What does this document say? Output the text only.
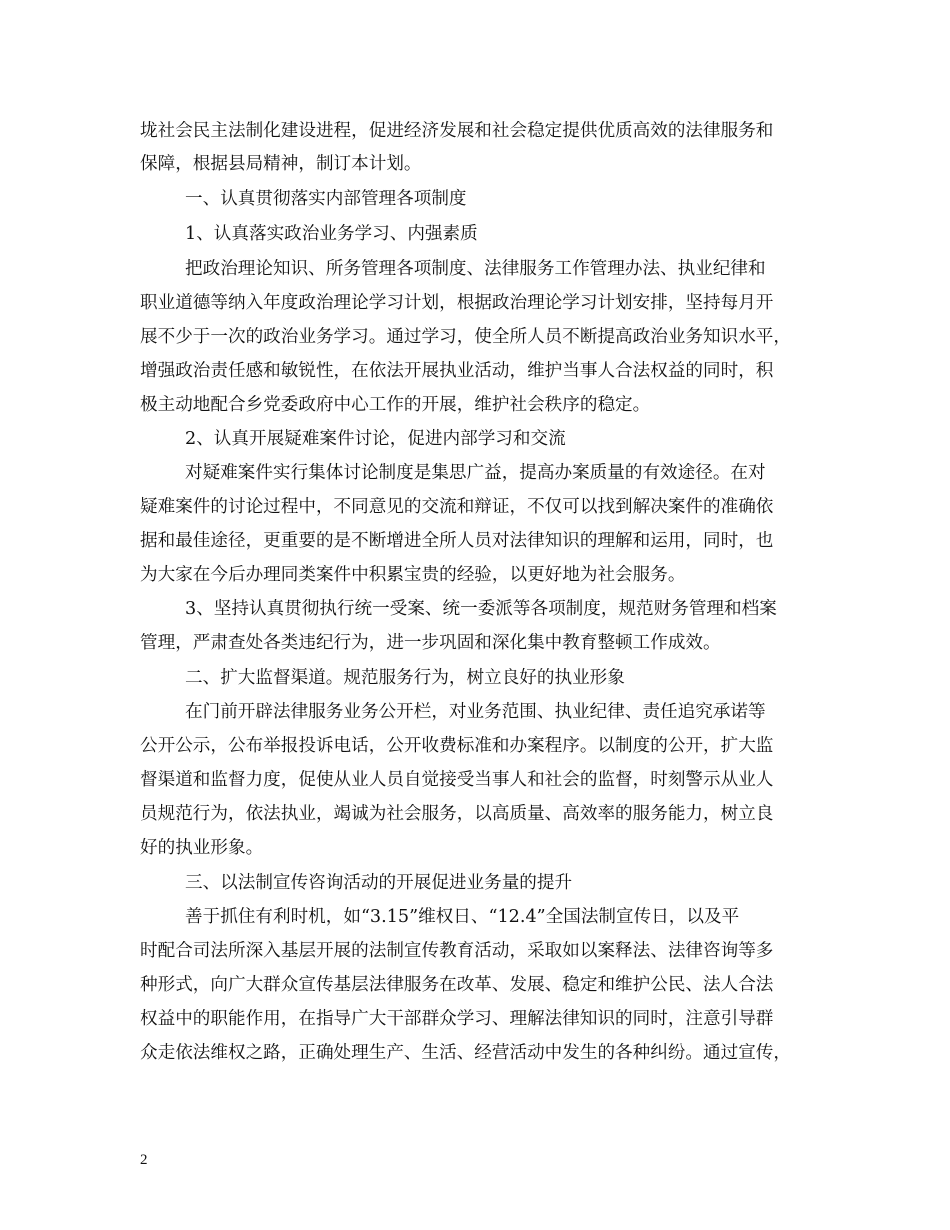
垅社会民主法制化建设进程，促进经济发展和社会稳定提供优质高效的法律服务和
保障，根据县局精神，制订本计划。
一、认真贯彻落实内部管理各项制度
1、认真落实政治业务学习、内强素质
把政治理论知识、所务管理各项制度、法律服务工作管理办法、执业纪律和
职业道德等纳入年度政治理论学习计划，根据政治理论学习计划安排，坚持每月开
展不少于一次的政治业务学习。通过学习，使全所人员不断提高政治业务知识水平，
增强政治责任感和敏锐性，在依法开展执业活动，维护当事人合法权益的同时，积
极主动地配合乡党委政府中心工作的开展，维护社会秩序的稳定。
2、认真开展疑难案件讨论，促进内部学习和交流
对疑难案件实行集体讨论制度是集思广益，提高办案质量的有效途径。在对
疑难案件的讨论过程中，不同意见的交流和辩证，不仅可以找到解决案件的准确依
据和最佳途径，更重要的是不断增进全所人员对法律知识的理解和运用，同时，也
为大家在今后办理同类案件中积累宝贵的经验，以更好地为社会服务。
3、坚持认真贯彻执行统一受案、统一委派等各项制度，规范财务管理和档案
管理，严肃查处各类违纪行为，进一步巩固和深化集中教育整顿工作成效。
二、扩大监督渠道。规范服务行为，树立良好的执业形象
在门前开辟法律服务业务公开栏，对业务范围、执业纪律、责任追究承诺等
公开公示，公布举报投诉电话，公开收费标准和办案程序。以制度的公开，扩大监
督渠道和监督力度，促使从业人员自觉接受当事人和社会的监督，时刻警示从业人
员规范行为，依法执业，竭诚为社会服务，以高质量、高效率的服务能力，树立良
好的执业形象。
三、以法制宣传咨询活动的开展促进业务量的提升
善于抓住有利时机，如“3.15”维权日、“12.4”全国法制宣传日，以及平
时配合司法所深入基层开展的法制宣传教育活动，采取如以案释法、法律咨询等多
种形式，向广大群众宣传基层法律服务在改革、发展、稳定和维护公民、法人合法
权益中的职能作用，在指导广大干部群众学习、理解法律知识的同时，注意引导群
众走依法维权之路，正确处理生产、生活、经营活动中发生的各种纠纷。通过宣传，
2
